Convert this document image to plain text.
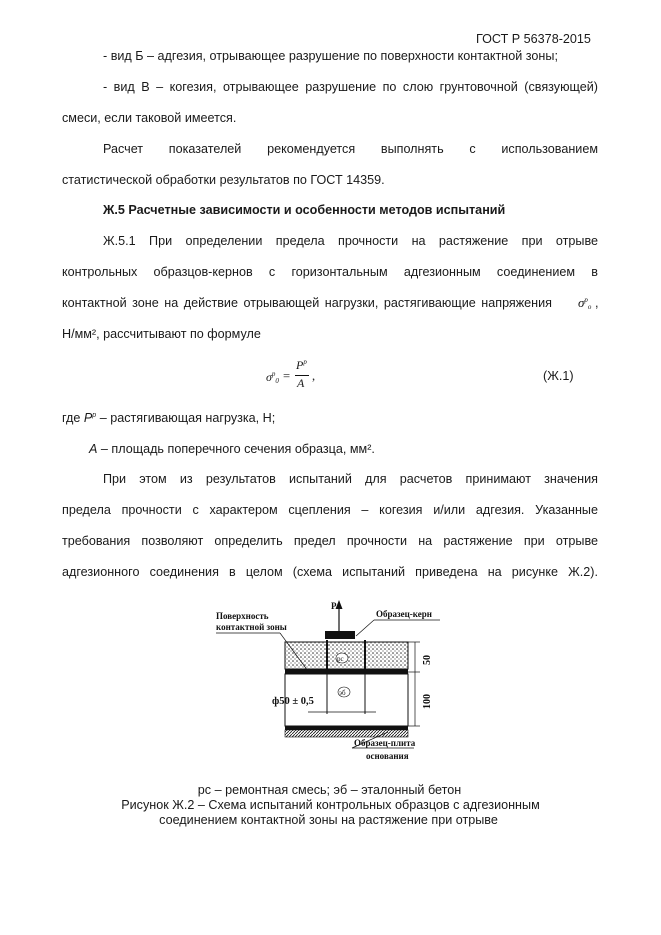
ГОСТ Р 56378-2015
- вид Б – адгезия, отрывающее разрушение по поверхности контактной зоны;
- вид В – когезия, отрывающее разрушение по слою грунтовочной (связующей)
смеси, если таковой имеется.
Расчет показателей рекомендуется выполнять с использованием
статистической обработки результатов по ГОСТ 14359.
Ж.5 Расчетные зависимости и особенности методов испытаний
Ж.5.1 При определении предела прочности на растяжение при отрыве
контрольных образцов-кернов с горизонтальным адгезионным соединением в
контактной зоне на действие отрывающей нагрузки, растягивающие напряжения $\sigma^р_о$ ,
Н/мм², рассчитывают по формуле
$\sigma^р_0$ =
$P^р$
A ,	(Ж.1)
где $Р^р$ – растягивающая нагрузка, Н;
А – площадь поперечного сечения образца, мм².
При этом из результатов испытаний для расчетов принимают значения
предела прочности с характером сцепления – когезия и/или адгезия. Указанные
требования позволяют определить предел прочности на растяжение при отрыве
адгезионного соединения в целом (схема испытаний приведена на рисунке Ж.2).
P
рс
эб
ф50 ± 0,5
50
100
Поверхность
контактной зоны
Образец-керн
Образец-плита
основания
рс – ремонтная смесь; эб – эталонный бетон
Рисунок Ж.2 – Схема испытаний контрольных образцов с адгезионным
соединением контактной зоны на растяжение при отрыве
